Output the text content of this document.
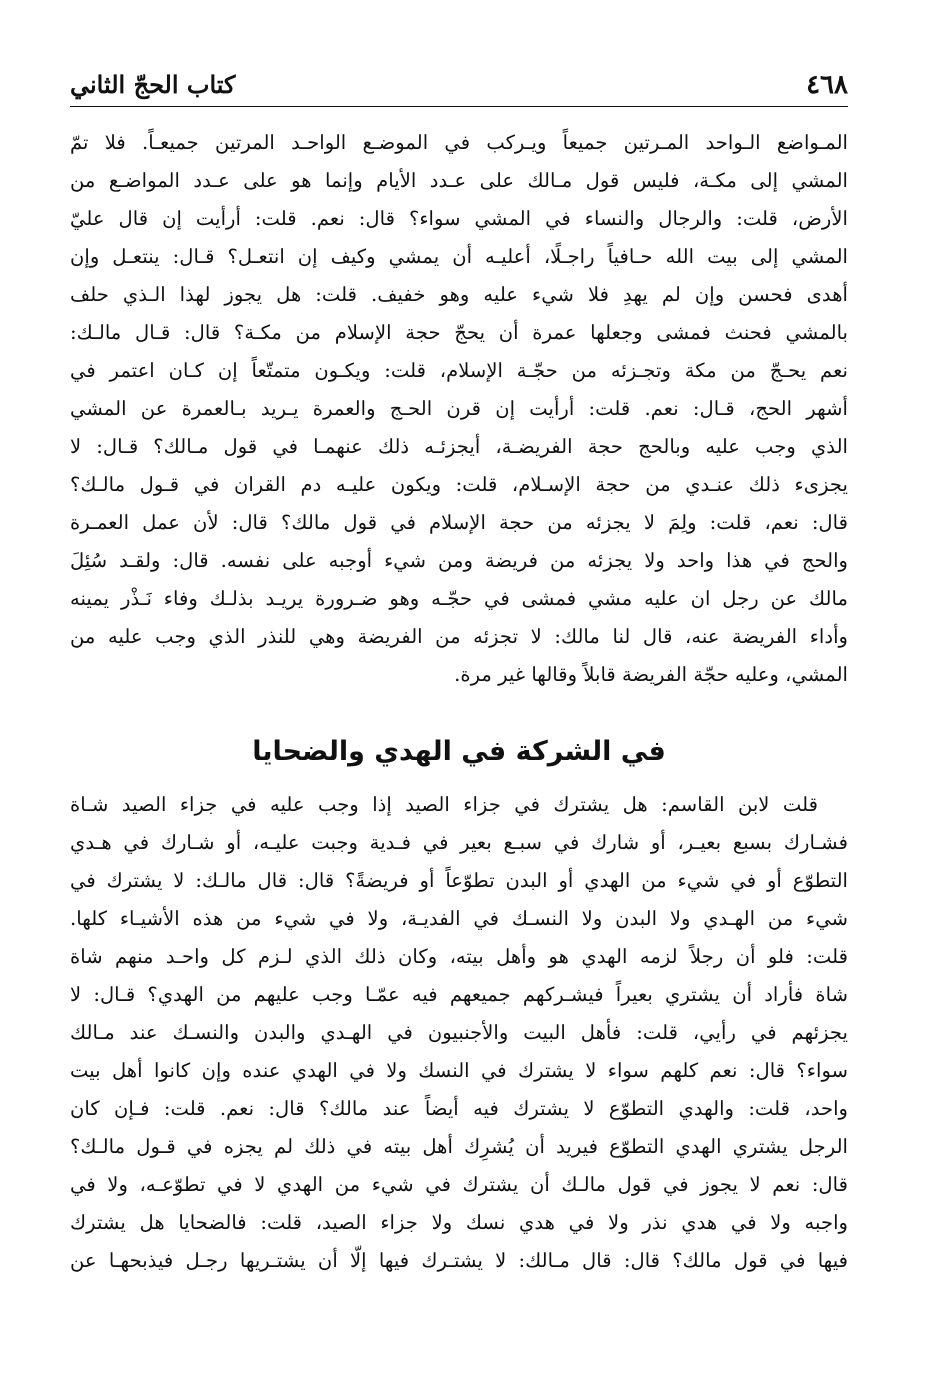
٤٦٨
كتاب الحجّ الثاني
المـواضع الـواحد المـرتين جميعاً ويـركب في الموضـع الواحـد المرتين جميعـاً. فلا تمّ
المشي إلى مكـة، فليس قول مـالك على عـدد الأيام وإنما هو على عـدد المواضـع من
الأرض، قلت: والرجال والنساء في المشي سواء؟ قال: نعم. قلت: أرأيت إن قال عليّ
المشي إلى بيت الله حـافياً راجـلًا، أعليـه أن يمشي وكيف إن انتعـل؟ قـال: ينتعـل وإن
أهدى فحسن وإن لم يهدِ فلا شيء عليه وهو خفيف. قلت: هل يجوز لهذا الـذي حلف
بالمشي فحنث فمشى وجعلها عمرة أن يحجّ حجة الإسلام من مكـة؟ قال: قـال مالـك:
نعم يحـجّ من مكة وتجـزئه من حجّـة الإسلام، قلت: ويكـون متمتّعاً إن كـان اعتمر في
أشهر الحج، قـال: نعم. قلت: أرأيت إن قرن الحـج والعمرة يـريد بـالعمرة عن المشي
الذي وجب عليه وبالحج حجة الفريضـة، أيجزئـه ذلك عنهمـا في قول مـالك؟ قـال: لا
يجزىء ذلك عنـدي من حجة الإسـلام، قلت: ويكون عليـه دم القران في قـول مالـك؟
قال: نعم، قلت: ولِمَ لا يجزئه من حجة الإسلام في قول مالك؟ قال: لأن عمل العمـرة
والحج في هذا واحد ولا يجزئه من فريضة ومن شيء أوجبه على نفسه. قال: ولقـد سُئِلَ
مالك عن رجل ان عليه مشي فمشى في حجّـه وهو ضـرورة يريـد بذلـك وفاء نَـذْر يمينه
وأداء الفريضة عنه، قال لنا مالك: لا تجزئه من الفريضة وهي للنذر الذي وجب عليه من
المشي، وعليه حجّة الفريضة قابلاً وقالها غير مرة.
في الشركة في الهدي والضحايا
قلت لابن القاسم: هل يشترك في جزاء الصيد إذا وجب عليه في جزاء الصيد شـاة
فشـارك بسبع بعيـر، أو شارك في سبـع بعير في فـدية وجبت عليـه، أو شـارك في هـدي
التطوّع أو في شيء من الهدي أو البدن تطوّعاً أو فريضةً؟ قال: قال مالـك: لا يشترك في
شيء من الهـدي ولا البدن ولا النسـك في الفديـة، ولا في شيء من هذه الأشيـاء كلها.
قلت: فلو أن رجلاً لزمه الهدي هو وأهل بيته، وكان ذلك الذي لـزم كل واحـد منهم شاة
شاة فأراد أن يشتري بعيراً فيشـركهم جميعهم فيه عمّـا وجب عليهم من الهدي؟ قـال: لا
يجزئهم في رأيي، قلت: فأهل البيت والأجنبيون في الهـدي والبدن والنسـك عند مـالك
سواء؟ قال: نعم كلهم سواء لا يشترك في النسك ولا في الهدي عنده وإن كانوا أهل بيت
واحد، قلت: والهدي التطوّع لا يشترك فيه أيضاً عند مالك؟ قال: نعم. قلت: فـإن كان
الرجل يشتري الهدي التطوّع فيريد أن يُشرِك أهل بيته في ذلك لم يجزه في قـول مالـك؟
قال: نعم لا يجوز في قول مالـك أن يشترك في شيء من الهدي لا في تطوّعـه، ولا في
واجبه ولا في هدي نذر ولا في هدي نسك ولا جزاء الصيد، قلت: فالضحايا هل يشترك
فيها في قول مالك؟ قال: قال مـالك: لا يشتـرك فيها إلّا أن يشتـريها رجـل فيذبحهـا عن
